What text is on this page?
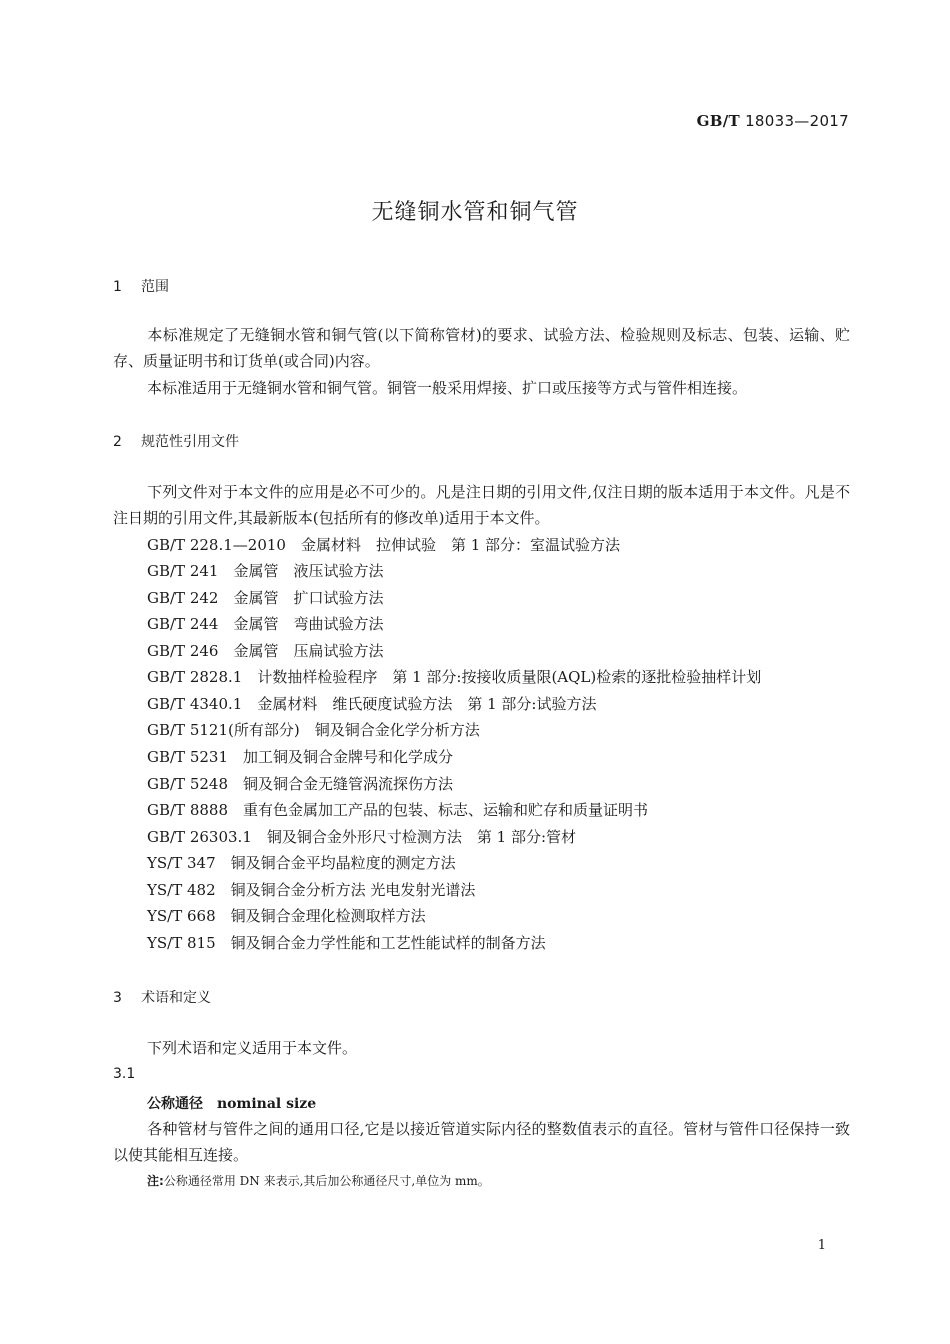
GB/T 18033—2017
无缝铜水管和铜气管
1 范围

本标准规定了无缝铜水管和铜气管(以下简称管材)的要求、试验方法、检验规则及标志、包装、运输、贮存、质量证明书和订货单(或合同)内容。

本标准适用于无缝铜水管和铜气管。铜管一般采用焊接、扩口或压接等方式与管件相连接。

2 规范性引用文件

下列文件对于本文件的应用是必不可少的。凡是注日期的引用文件,仅注日期的版本适用于本文件。凡是不注日期的引用文件,其最新版本(包括所有的修改单)适用于本文件。

GB/T 228.1—2010　金属材料　拉伸试验　第 1 部分：室温试验方法
GB/T 241　金属管　液压试验方法
GB/T 242　金属管　扩口试验方法
GB/T 244　金属管　弯曲试验方法
GB/T 246　金属管　压扁试验方法
GB/T 2828.1　计数抽样检验程序　第 1 部分:按接收质量限(AQL)检索的逐批检验抽样计划
GB/T 4340.1　金属材料　维氏硬度试验方法　第 1 部分:试验方法
GB/T 5121(所有部分)　铜及铜合金化学分析方法
GB/T 5231　加工铜及铜合金牌号和化学成分
GB/T 5248　铜及铜合金无缝管涡流探伤方法
GB/T 8888　重有色金属加工产品的包装、标志、运输和贮存和质量证明书
GB/T 26303.1　铜及铜合金外形尺寸检测方法　第 1 部分:管材
YS/T 347　铜及铜合金平均晶粒度的测定方法
YS/T 482　铜及铜合金分析方法 光电发射光谱法
YS/T 668　铜及铜合金理化检测取样方法
YS/T 815　铜及铜合金力学性能和工艺性能试样的制备方法
3 术语和定义

下列术语和定义适用于本文件。

3.1
公称通径 nominal size

各种管材与管件之间的通用口径,它是以接近管道实际内径的整数值表示的直径。管材与管件口径保持一致以使其能相互连接。

注:公称通径常用 DN 来表示,其后加公称通径尺寸,单位为 mm。
1
